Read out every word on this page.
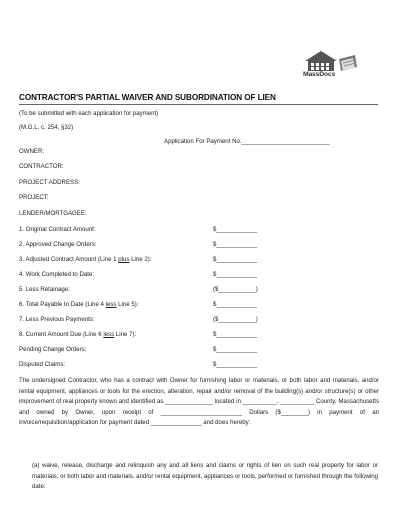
MassDocs
CONTRACTOR'S PARTIAL WAIVER AND SUBORDINATION OF LIEN
(To be submitted with each application for payment)
(M.G.L. c. 254, §32)
Application For Payment No.__________________________
OWNER:
CONTRACTOR:
PROJECT ADDRESS:
PROJECT:
LENDER/MORTGAGEE:
1. Original Contract Amount:	$____________
2. Approved Change Orders:	$____________
3. Adjusted Contract Amount (Line 1 plus Line 2):	$____________
4. Work Completed to Date:	$____________
5. Less Retainage:	($___________)
6. Total Payable to Date (Line 4 less Line 5):	$____________
7. Less Previous Payments:	($___________)
8. Current Amount Due (Line 6 less Line 7):	$____________
Pending Change Orders:	$____________
Disputed Claims:	$____________
The undersigned Contractor, who has a contract with Owner for furnishing labor or materials, or both labor and materials, and/or rental equipment, appliances or tools for the erection, alteration, repair and/or removal of the building(s) and/or structure(s) or other improvement of real property known and identified as ______________ located in __________, __________ County, Massachusetts and owned by Owner, upon receipt of ________________________ Dollars ($________) in payment of an invoice/requisition/application for payment dated _______________ and does hereby:
(a) waive, release, discharge and relinquish any and all liens and claims or rights of lien on such real property for labor or materials, or both labor and materials, and/or rental equipment, appliances or tools, performed or furnished through the following date:
